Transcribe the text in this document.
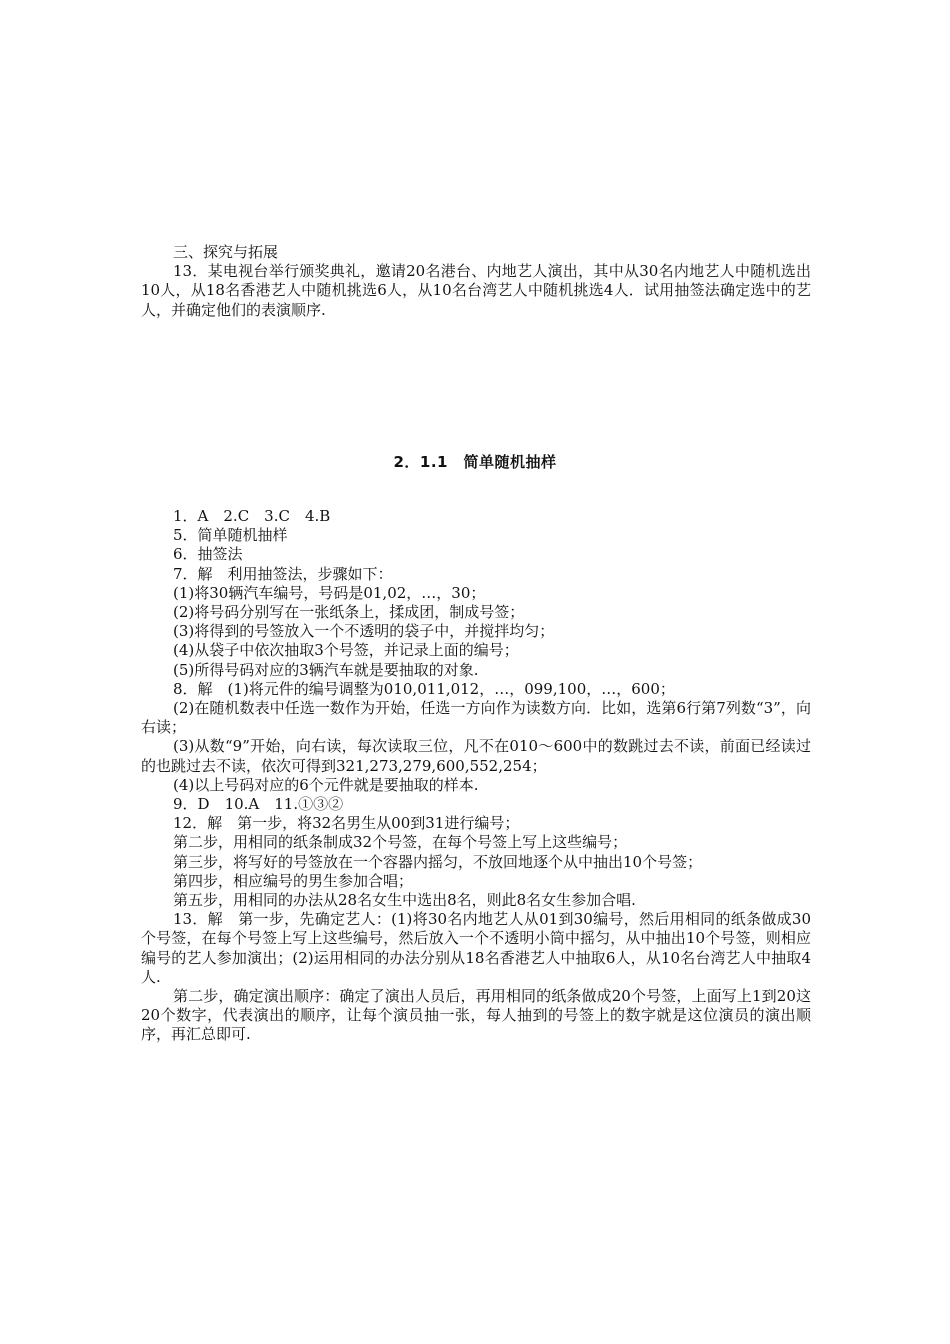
三、探究与拓展
13．某电视台举行颁奖典礼，邀请20名港台、内地艺人演出，其中从30名内地艺人中随机选出10人，从18名香港艺人中随机挑选6人，从10名台湾艺人中随机挑选4人．试用抽签法确定选中的艺人，并确定他们的表演顺序.
2．1.1　简单随机抽样
1．A　2.C　3.C　4.B
5．简单随机抽样
6．抽签法
7．解　利用抽签法，步骤如下：
(1)将30辆汽车编号，号码是01,02，…，30；
(2)将号码分别写在一张纸条上，揉成团，制成号签；
(3)将得到的号签放入一个不透明的袋子中，并搅拌均匀；
(4)从袋子中依次抽取3个号签，并记录上面的编号；
(5)所得号码对应的3辆汽车就是要抽取的对象.
8．解　(1)将元件的编号调整为010,011,012，…，099,100，…，600；
(2)在随机数表中任选一数作为开始，任选一方向作为读数方向．比如，选第6行第7列数“3”，向右读；
(3)从数“9”开始，向右读，每次读取三位，凡不在010～600中的数跳过去不读，前面已经读过的也跳过去不读，依次可得到321,273,279,600,552,254；
(4)以上号码对应的6个元件就是要抽取的样本.
9．D　10.A　11.①③②
12．解　第一步，将32名男生从00到31进行编号；
第二步，用相同的纸条制成32个号签，在每个号签上写上这些编号；
第三步，将写好的号签放在一个容器内摇匀，不放回地逐个从中抽出10个号签；
第四步，相应编号的男生参加合唱；
第五步，用相同的办法从28名女生中选出8名，则此8名女生参加合唱.
13．解　第一步，先确定艺人：(1)将30名内地艺人从01到30编号，然后用相同的纸条做成30个号签，在每个号签上写上这些编号，然后放入一个不透明小筒中摇匀，从中抽出10个号签，则相应编号的艺人参加演出；(2)运用相同的办法分别从18名香港艺人中抽取6人，从10名台湾艺人中抽取4人.
第二步，确定演出顺序：确定了演出人员后，再用相同的纸条做成20个号签，上面写上1到20这20个数字，代表演出的顺序，让每个演员抽一张，每人抽到的号签上的数字就是这位演员的演出顺序，再汇总即可.
